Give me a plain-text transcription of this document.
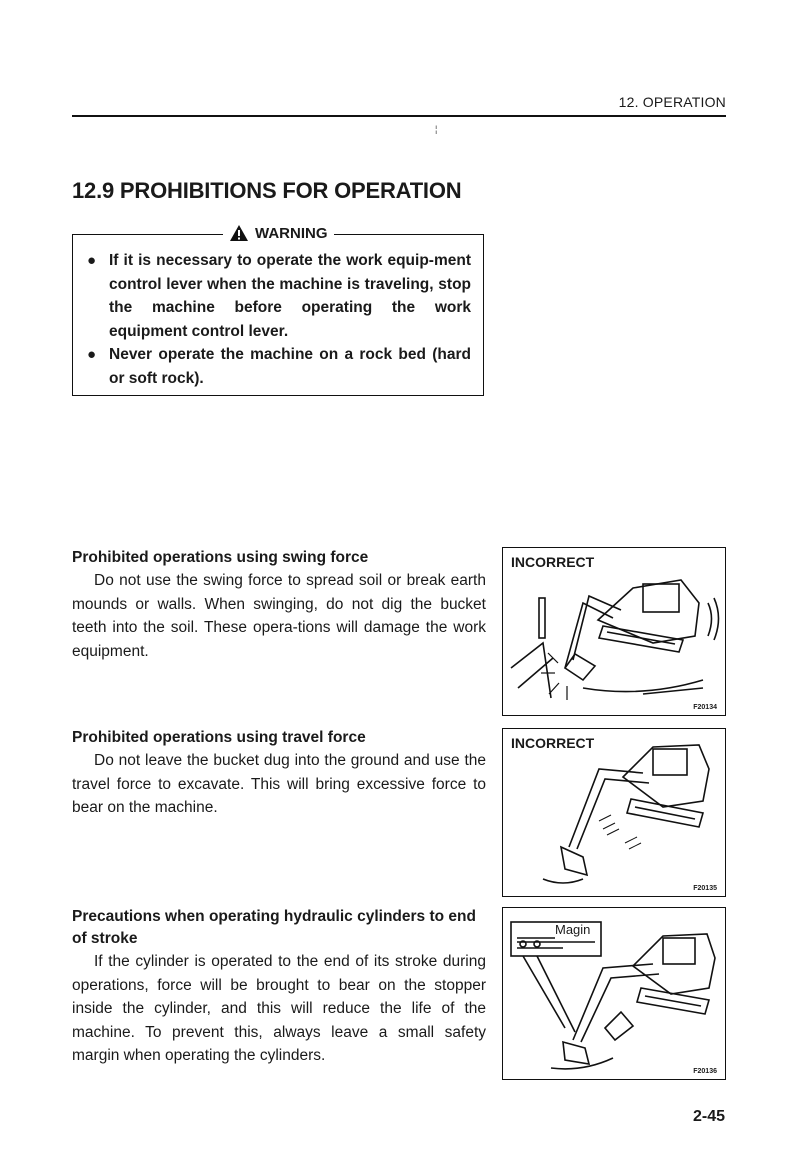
12. OPERATION
¦
12.9 PROHIBITIONS FOR OPERATION
WARNING
● If it is necessary to operate the work equip-ment control lever when the machine is traveling, stop the machine before operating the work equipment control lever.
● Never operate the machine on a rock bed (hard or soft rock).
Prohibited operations using swing force

Do not use the swing force to spread soil or break earth mounds or walls. When swinging, do not dig the bucket teeth into the soil. These opera-tions will damage the work equipment.

Prohibited operations using travel force

Do not leave the bucket dug into the ground and use the travel force to excavate. This will bring excessive force to bear on the machine.

Precautions when operating hydraulic cylinders to end of stroke

If the cylinder is operated to the end of its stroke during operations, force will be brought to bear on the stopper inside the cylinder, and this will reduce the life of the machine. To prevent this, always leave a small safety margin when operating the cylinders.

INCORRECT
F20134
INCORRECT
F20135
Magin
F20136
2-45
